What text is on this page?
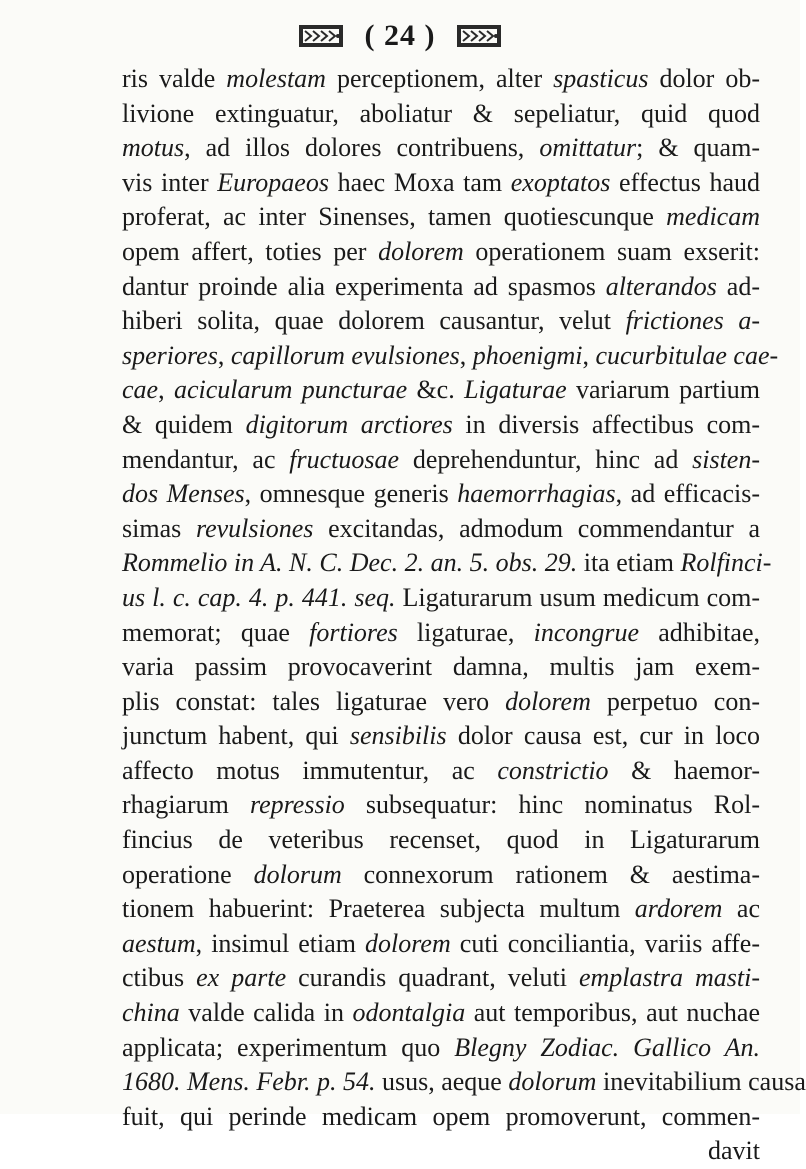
( 24 )
ris valde molestam perceptionem, alter spasticus dolor ob-
livione extinguatur, aboliatur & sepeliatur, quid quod
motus, ad illos dolores contribuens, omittatur; & quam-
vis inter Europaeos haec Moxa tam exoptatos effectus haud
proferat, ac inter Sinenses, tamen quotiescunque medicam
opem affert, toties per dolorem operationem suam exserit:
dantur proinde alia experimenta ad spasmos alterandos ad-
hiberi solita, quae dolorem causantur, velut frictiones a-
speriores, capillorum evulsiones, phoenigmi, cucurbitulae cae-
cae, acicularum puncturae &c. Ligaturae variarum partium
& quidem digitorum arctiores in diversis affectibus com-
mendantur, ac fructuosae deprehenduntur, hinc ad sisten-
dos Menses, omnesque generis haemorrhagias, ad efficacis-
simas revulsiones excitandas, admodum commendantur a
Rommelio in A. N. C. Dec. 2. an. 5. obs. 29. ita etiam Rolfinci-
us l. c. cap. 4. p. 441. seq. Ligaturarum usum medicum com-
memorat; quae fortiores ligaturae, incongrue adhibitae,
varia passim provocaverint damna, multis jam exem-
plis constat: tales ligaturae vero dolorem perpetuo con-
junctum habent, qui sensibilis dolor causa est, cur in loco
affecto motus immutentur, ac constrictio & haemor-
rhagiarum repressio subsequatur: hinc nominatus Rol-
fincius de veteribus recenset, quod in Ligaturarum
operatione dolorum connexorum rationem & aestima-
tionem habuerint: Praeterea subjecta multum ardorem ac
aestum, insimul etiam dolorem cuti conciliantia, variis affe-
ctibus ex parte curandis quadrant, veluti emplastra masti-
china valde calida in odontalgia aut temporibus, aut nuchae
applicata; experimentum quo Blegny Zodiac. Gallico An.
1680. Mens. Febr. p. 54. usus, aeque dolorum inevitabilium causa
fuit, qui perinde medicam opem promoverunt, commen-
davit
